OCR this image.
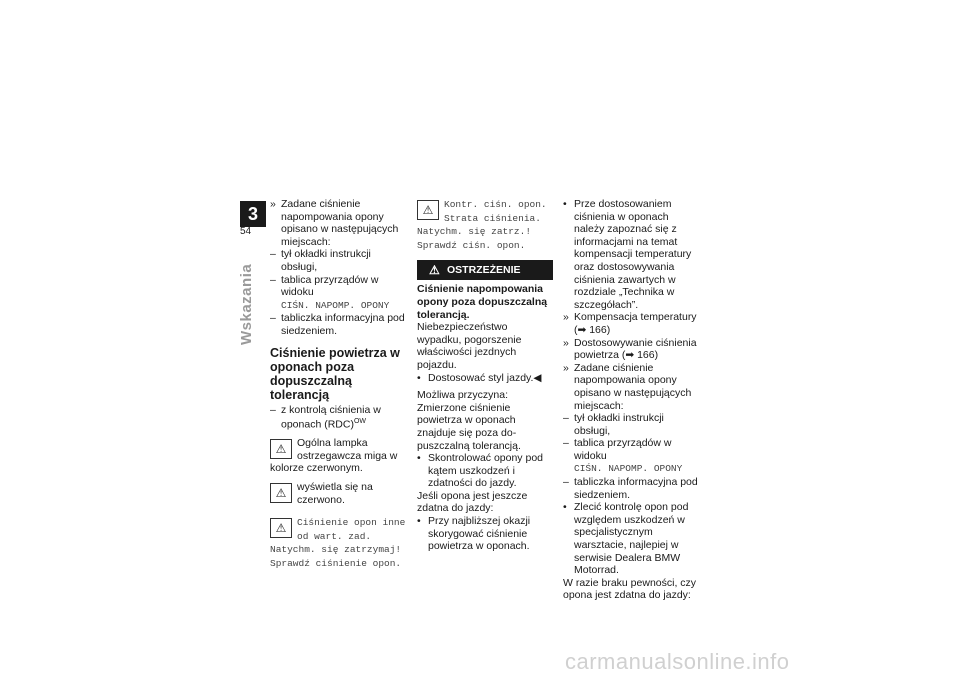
3
54
Wskazania

» Zadane ciśnienie napompowania opony opisano w następujących miejscach:

– tył okładki instrukcji obsługi,

– tablica przyrządów w widoku
CIŚN. NAPOMP. OPONY

– tabliczka informacyjna pod siedzeniem.

Ciśnienie powietrza w oponach poza dopuszczalną tolerancją

– z kontrolą ciśnienia w oponach (RDC)$^{OW}$

⚠	Ogólna lampka ostrzegawcza miga w kolorze czerwonym.
⚠	wyświetla się na czerwono.
⚠	Ciśnienie opon inne od wart. zad. Natychm. się zatrzymaj! Sprawdź ciśnienie opon.
⚠	Kontr. ciśn. opon. Strata ciśnienia. Natychm. się zatrz.! Sprawdź ciśn. opon.
⚠ OSTRZEŻENIE

Ciśnienie napompowania opony poza dopuszczalną tolerancją.

Niebezpieczeństwo wypadku, pogorszenie właściwości jezdnych pojazdu.

• Dostosować styl jazdy.◀

Możliwa przyczyna:

Zmierzone ciśnienie powietrza w oponach znajduje się poza dopuszczalną tolerancją.

• Skontrolować opony pod kątem uszkodzeń i zdatności do jazdy.

Jeśli opona jest jeszcze zdatna do jazdy:

• Przy najbliższej okazji skorygować ciśnienie powietrza w oponach.

• Prze dostosowaniem ciśnienia w oponach należy zapoznać się z informacjami na temat kompensacji temperatury oraz dostosowywania ciśnienia zawartych w rozdziale „Technika w szczegółach”.

» Kompensacja temperatury (➡ 166)

» Dostosowywanie ciśnienia powietrza (➡ 166)

» Zadane ciśnienie napompowania opony opisano w następujących miejscach:

– tył okładki instrukcji obsługi,

– tablica przyrządów w widoku
CIŚN. NAPOMP. OPONY

– tabliczka informacyjna pod siedzeniem.

• Zlecić kontrolę opon pod względem uszkodzeń w specjalistycznym warsztacie, najlepiej w serwisie Dealera BMW Motorrad.

W razie braku pewności, czy opona jest zdatna do jazdy:

carmanualsonline.info
